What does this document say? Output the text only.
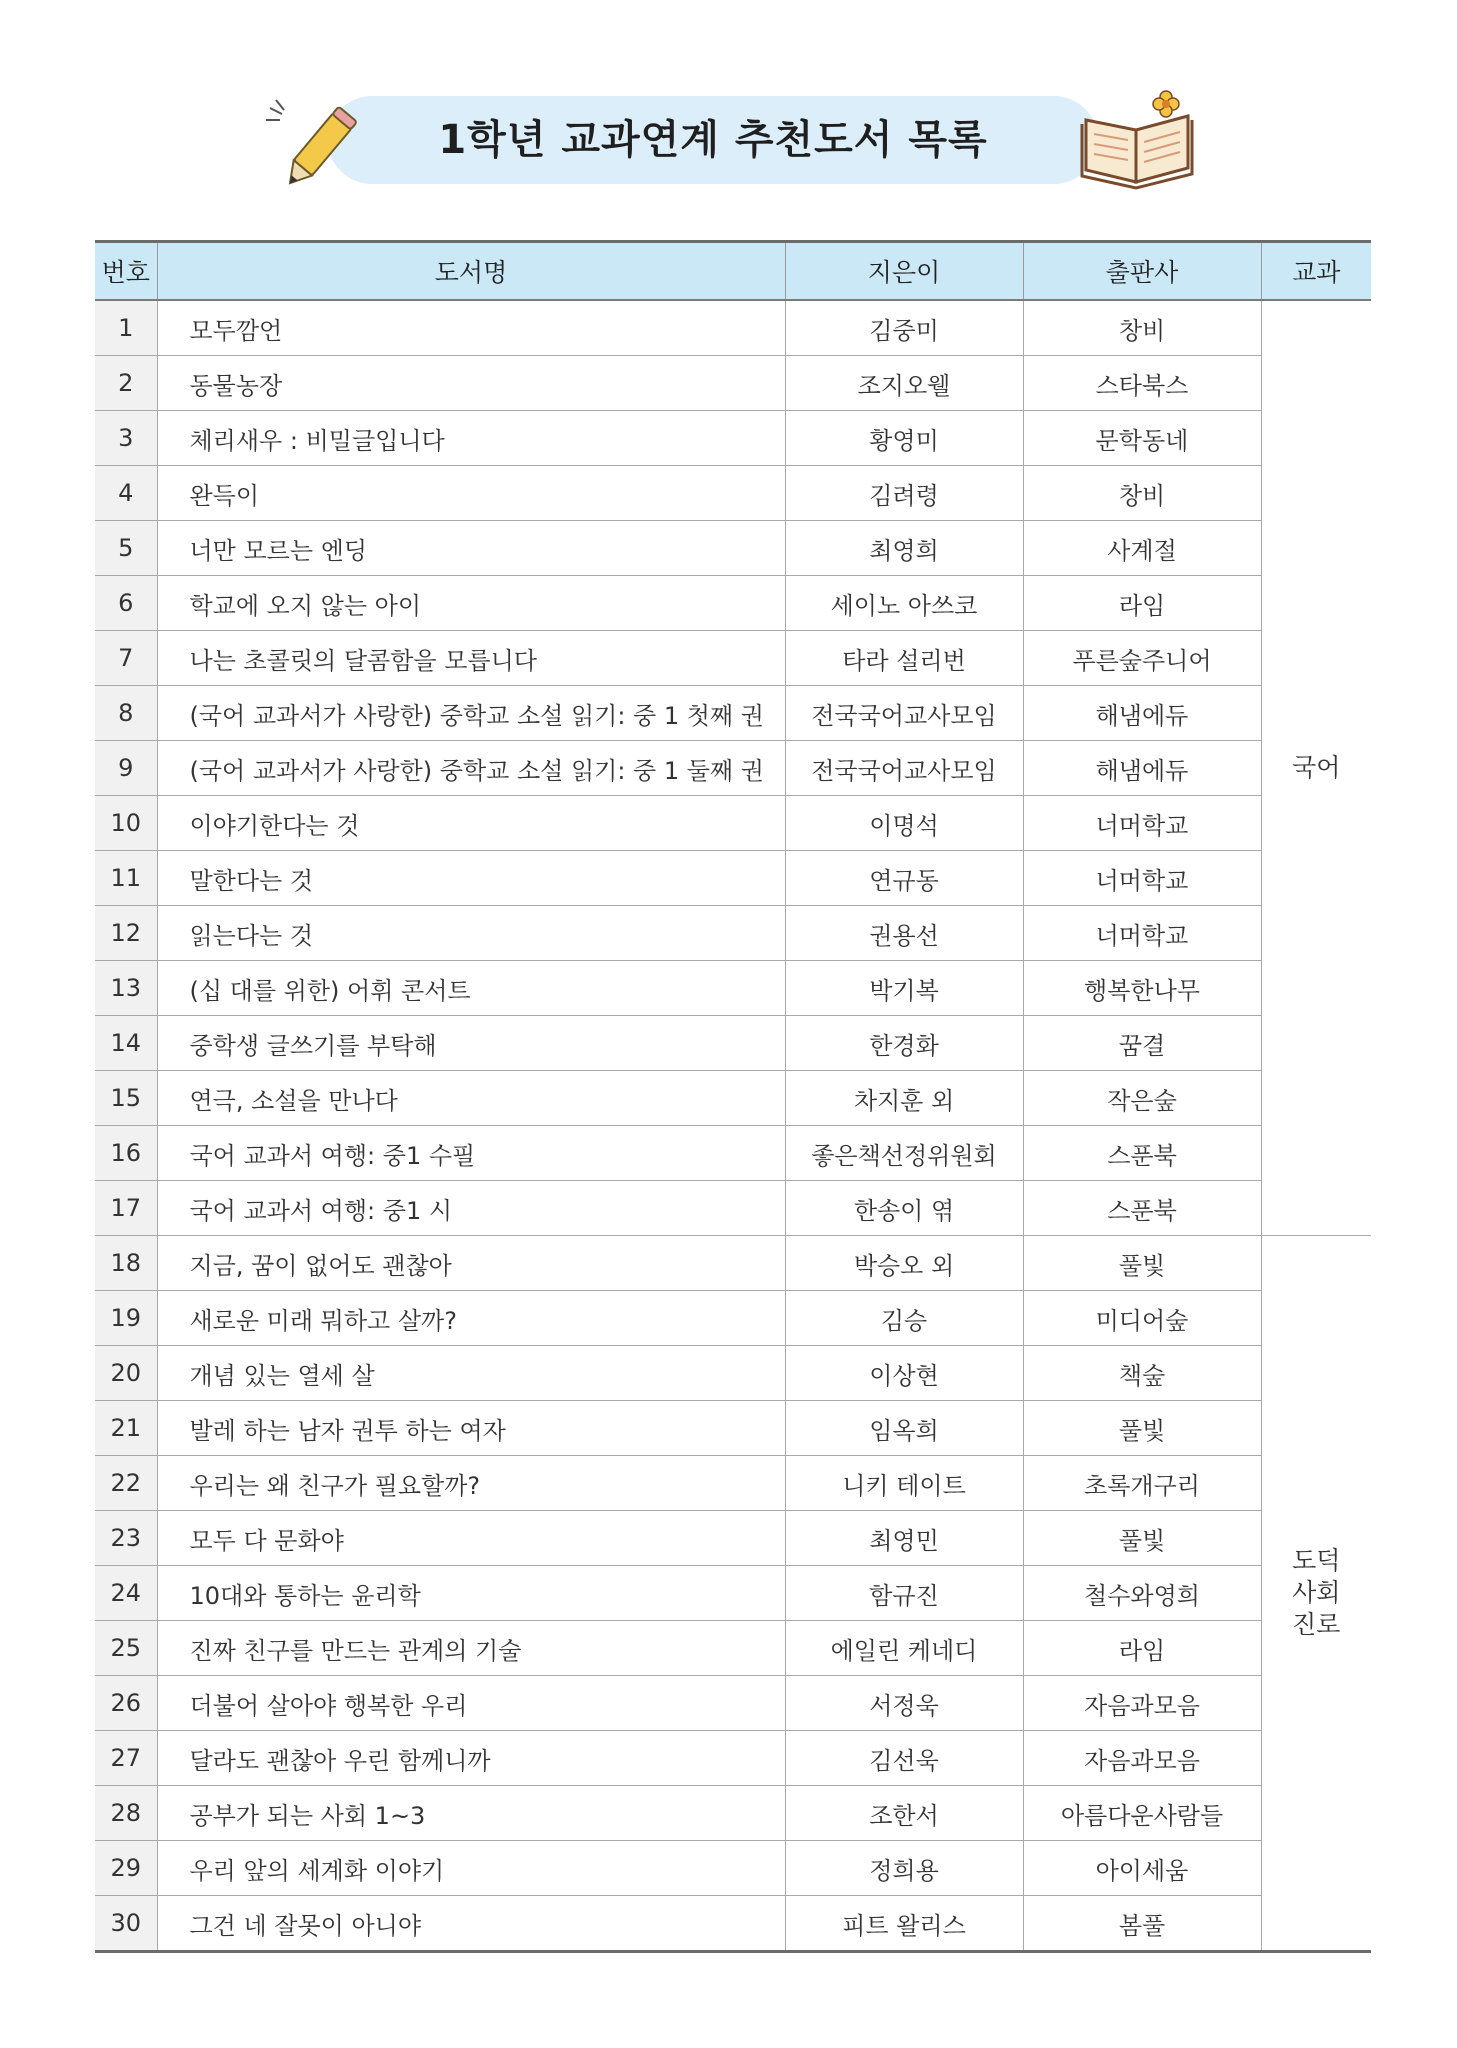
1학년 교과연계 추천도서 목록
번호	도서명	지은이	출판사	교과
1	모두깜언	김중미	창비	국어
2	동물농장	조지오웰	스타북스	
3	체리새우 : 비밀글입니다	황영미	문학동네	
4	완득이	김려령	창비	
5	너만 모르는 엔딩	최영희	사계절	
6	학교에 오지 않는 아이	세이노 아쓰코	라임	
7	나는 초콜릿의 달콤함을 모릅니다	타라 설리번	푸른숲주니어	
8	(국어 교과서가 사랑한) 중학교 소설 읽기: 중 1 첫째 권	전국국어교사모임	해냄에듀	
9	(국어 교과서가 사랑한) 중학교 소설 읽기: 중 1 둘째 권	전국국어교사모임	해냄에듀	
10	이야기한다는 것	이명석	너머학교	
11	말한다는 것	연규동	너머학교	
12	읽는다는 것	권용선	너머학교	
13	(십 대를 위한) 어휘 콘서트	박기복	행복한나무	
14	중학생 글쓰기를 부탁해	한경화	꿈결	
15	연극, 소설을 만나다	차지훈 외	작은숲	
16	국어 교과서 여행: 중1 수필	좋은책선정위원회	스푼북	
17	국어 교과서 여행: 중1 시	한송이 엮	스푼북	
18	지금, 꿈이 없어도 괜찮아	박승오 외	풀빛	도덕
사회
진로

19	새로운 미래 뭐하고 살까?	김승	미디어숲	
20	개념 있는 열세 살	이상현	책숲	
21	발레 하는 남자 권투 하는 여자	임옥희	풀빛	
22	우리는 왜 친구가 필요할까?	니키 테이트	초록개구리	
23	모두 다 문화야	최영민	풀빛	
24	10대와 통하는 윤리학	함규진	철수와영희	
25	진짜 친구를 만드는 관계의 기술	에일린 케네디	라임	
26	더불어 살아야 행복한 우리	서정욱	자음과모음	
27	달라도 괜찮아 우린 함께니까	김선욱	자음과모음	
28	공부가 되는 사회 1~3	조한서	아름다운사람들	
29	우리 앞의 세계화 이야기	정희용	아이세움	
30	그건 네 잘못이 아니야	피트 왈리스	봄풀	
